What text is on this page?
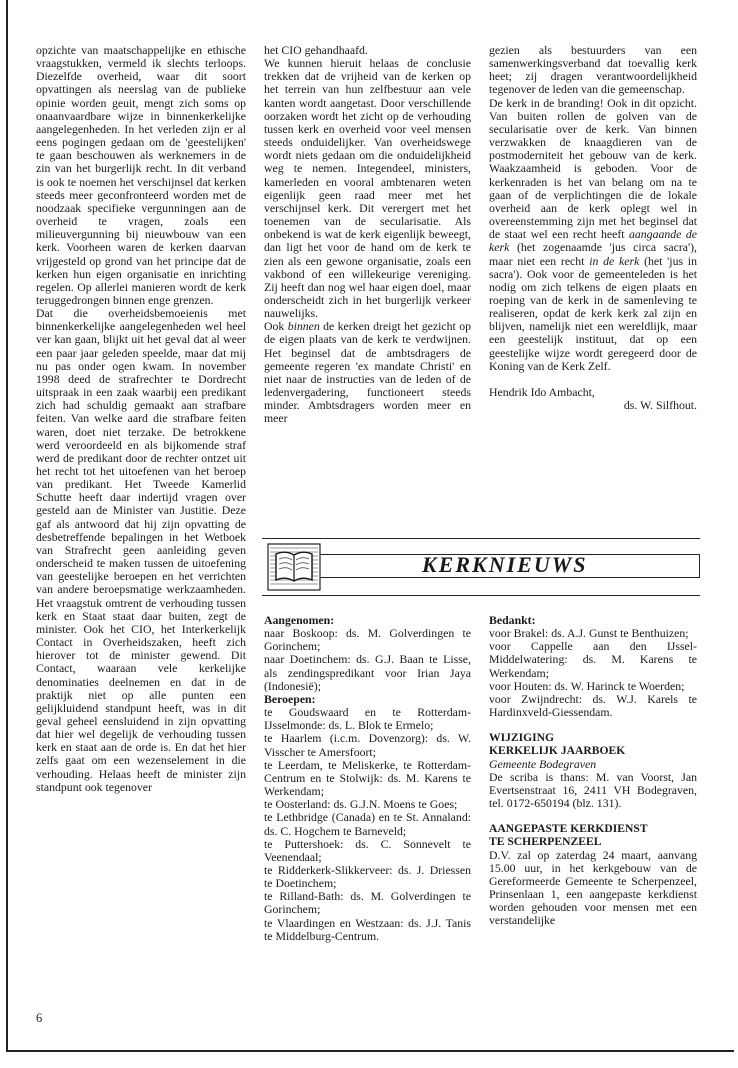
opzichte van maatschappelijke en ethische vraagstukken, vermeld ik slechts terloops. Diezelfde overheid, waar dit soort opvattingen als neerslag van de publieke opinie worden geuit, mengt zich soms op onaanvaardbare wijze in binnenkerkelijke aangelegenheden. In het verleden zijn er al eens pogingen gedaan om de 'geestelijken' te gaan beschouwen als werknemers in de zin van het burgerlijk recht. In dit verband is ook te noemen het verschijnsel dat kerken steeds meer geconfronteerd worden met de noodzaak specifieke vergunningen aan de overheid te vragen, zoals een milieuvergunning bij nieuwbouw van een kerk. Voorheen waren de kerken daarvan vrijgesteld op grond van het principe dat de kerken hun eigen organisatie en inrichting regelen. Op allerlei manieren wordt de kerk teruggedrongen binnen enge grenzen.

Dat die overheidsbemoeienis met binnenkerkelijke aangelegenheden wel heel ver kan gaan, blijkt uit het geval dat al weer een paar jaar geleden speelde, maar dat mij nu pas onder ogen kwam. In november 1998 deed de strafrechter te Dordrecht uitspraak in een zaak waarbij een predikant zich had schuldig gemaakt aan strafbare feiten. Van welke aard die strafbare feiten waren, doet niet terzake. De betrokkene werd veroordeeld en als bijkomende straf werd de predikant door de rechter ontzet uit het recht tot het uitoefenen van het beroep van predikant. Het Tweede Kamerlid Schutte heeft daar indertijd vragen over gesteld aan de Minister van Justitie. Deze gaf als antwoord dat hij zijn opvatting de desbetreffende bepalingen in het Wetboek van Strafrecht geen aanleiding geven onderscheid te maken tussen de uitoefening van geestelijke beroepen en het verrichten van andere beroepsmatige werkzaamheden. Het vraagstuk omtrent de verhouding tussen kerk en Staat staat daar buiten, zegt de minister. Ook het CIO, het Interkerkelijk Contact in Overheidszaken, heeft zich hierover tot de minister gewend. Dit Contact, waaraan vele kerkelijke denominaties deelnemen en dat in de praktijk niet op alle punten een gelijkluidend standpunt heeft, was in dit geval geheel eensluidend in zijn opvatting dat hier wel degelijk de verhouding tussen kerk en staat aan de orde is. En dat het hier zelfs gaat om een wezenselement in die verhouding. Helaas heeft de minister zijn standpunt ook tegenover

het CIO gehandhaafd.

We kunnen hieruit helaas de conclusie trekken dat de vrijheid van de kerken op het terrein van hun zelfbestuur aan vele kanten wordt aangetast. Door verschillende oorzaken wordt het zicht op de verhouding tussen kerk en overheid voor veel mensen steeds onduidelijker. Van overheidswege wordt niets gedaan om die onduidelijkheid weg te nemen. Integendeel, ministers, kamerleden en vooral ambtenaren weten eigenlijk geen raad meer met het verschijnsel kerk. Dit verergert met het toenemen van de secularisatie. Als onbekend is wat de kerk eigenlijk beweegt, dan ligt het voor de hand om de kerk te zien als een gewone organisatie, zoals een vakbond of een willekeurige vereniging. Zij heeft dan nog wel haar eigen doel, maar onderscheidt zich in het burgerlijk verkeer nauwelijks.

Ook binnen de kerken dreigt het gezicht op de eigen plaats van de kerk te verdwijnen. Het beginsel dat de ambtsdragers de gemeente regeren 'ex mandate Christi' en niet naar de instructies van de leden of de ledenvergadering, functioneert steeds minder. Ambtsdragers worden meer en meer

gezien als bestuurders van een samenwerkingsverband dat toevallig kerk heet; zij dragen verantwoordelijkheid tegenover de leden van die gemeenschap.

De kerk in de branding! Ook in dit opzicht. Van buiten rollen de golven van de secularisatie over de kerk. Van binnen verzwakken de knaagdieren van de postmoderniteit het gebouw van de kerk. Waakzaamheid is geboden. Voor de kerkenraden is het van belang om na te gaan of de verplichtingen die de lokale overheid aan de kerk oplegt wel in overeenstemming zijn met het beginsel dat de staat wel een recht heeft aangaande de kerk (het zogenaamde 'jus circa sacra'), maar niet een recht in de kerk (het 'jus in sacra'). Ook voor de gemeenteleden is het nodig om zich telkens de eigen plaats en roeping van de kerk in de samenleving te realiseren, opdat de kerk kerk zal zijn en blijven, namelijk niet een wereldlijk, maar een geestelijk instituut, dat op een geestelijke wijze wordt geregeerd door de Koning van de Kerk Zelf.

Hendrik Ido Ambacht,

ds. W. Silfhout.

KERKNIEUWS

Aangenomen:

naar Boskoop: ds. M. Golverdingen te Gorinchem;

naar Doetinchem: ds. G.J. Baan te Lisse, als zendingspredikant voor Irian Jaya (Indonesië);

Beroepen:

te Goudswaard en te Rotterdam-IJsselmonde: ds. L. Blok te Ermelo;

te Haarlem (i.c.m. Dovenzorg): ds. W. Visscher te Amersfoort;

te Leerdam, te Meliskerke, te Rotterdam-Centrum en te Stolwijk: ds. M. Karens te Werkendam;

te Oosterland: ds. G.J.N. Moens te Goes;

te Lethbridge (Canada) en te St. Annaland: ds. C. Hogchem te Barneveld;

te Puttershoek: ds. C. Sonnevelt te Veenendaal;

te Ridderkerk-Slikkerveer: ds. J. Driessen te Doetinchem;

te Rilland-Bath: ds. M. Golverdingen te Gorinchem;

te Vlaardingen en Westzaan: ds. J.J. Tanis te Middelburg-Centrum.

Bedankt:

voor Brakel: ds. A.J. Gunst te Benthuizen;

voor Cappelle aan den IJssel-Middelwatering: ds. M. Karens te Werkendam;

voor Houten: ds. W. Harinck te Woerden;

voor Zwijndrecht: ds. W.J. Karels te Hardinxveld-Giessendam.

WIJZIGING

KERKELIJK JAARBOEK

Gemeente Bodegraven

De scriba is thans: M. van Voorst, Jan Evertsenstraat 16, 2411 VH Bodegraven, tel. 0172-650194 (blz. 131).

AANGEPASTE KERKDIENST

TE SCHERPENZEEL

D.V. zal op zaterdag 24 maart, aanvang 15.00 uur, in het kerkgebouw van de Gereformeerde Gemeente te Scherpenzeel, Prinsenlaan 1, een aangepaste kerkdienst worden gehouden voor mensen met een verstandelijke

6
